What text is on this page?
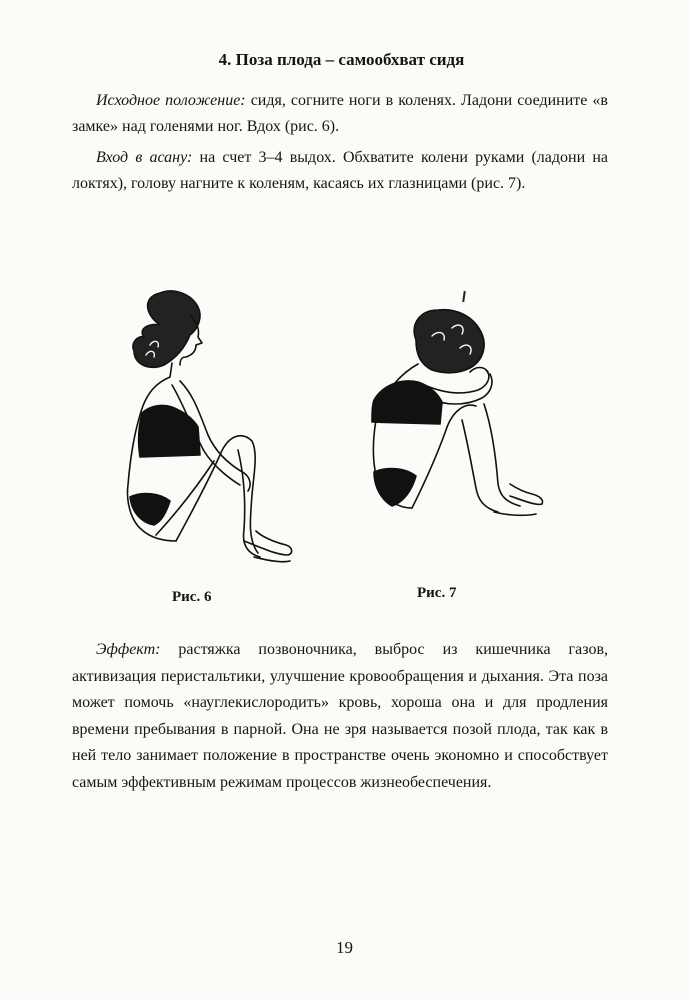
4. Поза плода – самообхват сидя
Исходное положение: сидя, согните ноги в коленях. Ладони соедините «в замке» над голенями ног. Вдох (рис. 6).
Вход в асану: на счет 3–4 выдох. Обхватите колени руками (ладони на локтях), голову нагните к коленям, касаясь их глазницами (рис. 7).
Рис. 6	Рис. 7
Эффект: растяжка позвоночника, выброс из кишечника газов, активизация перистальтики, улучшение кровообращения и дыхания. Эта поза может помочь «науглекислородить» кровь, хороша она и для продления времени пребывания в парной. Она не зря называется позой плода, так как в ней тело занимает положение в пространстве очень экономно и способствует самым эффективным режимам процессов жизнеобеспечения.
19
